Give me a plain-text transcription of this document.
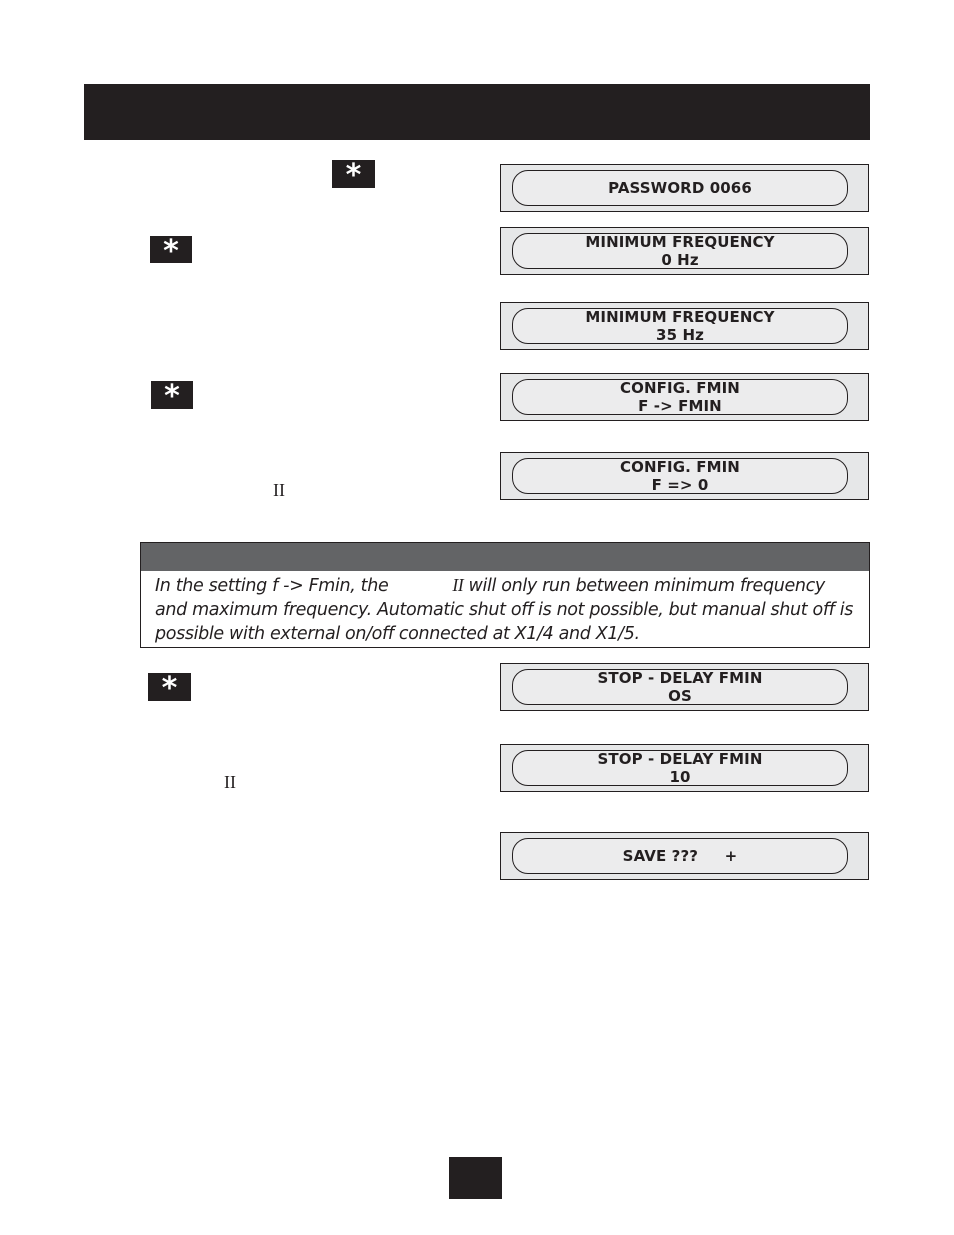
*
*
*
*
II
II
PASSWORD 0066
MINIMUM FREQUENCY
0 Hz
MINIMUM FREQUENCY
35 Hz
CONFIG. FMIN
F -> FMIN
CONFIG. FMIN
F => 0
In the setting f -> Fmin, the	II will only run between minimum frequency and maximum frequency. Automatic shut off is not possible, but manual shut off is possible with external on/off connected at X1/4 and X1/5.
STOP - DELAY FMIN
OS
STOP - DELAY FMIN
10
SAVE ???     +
